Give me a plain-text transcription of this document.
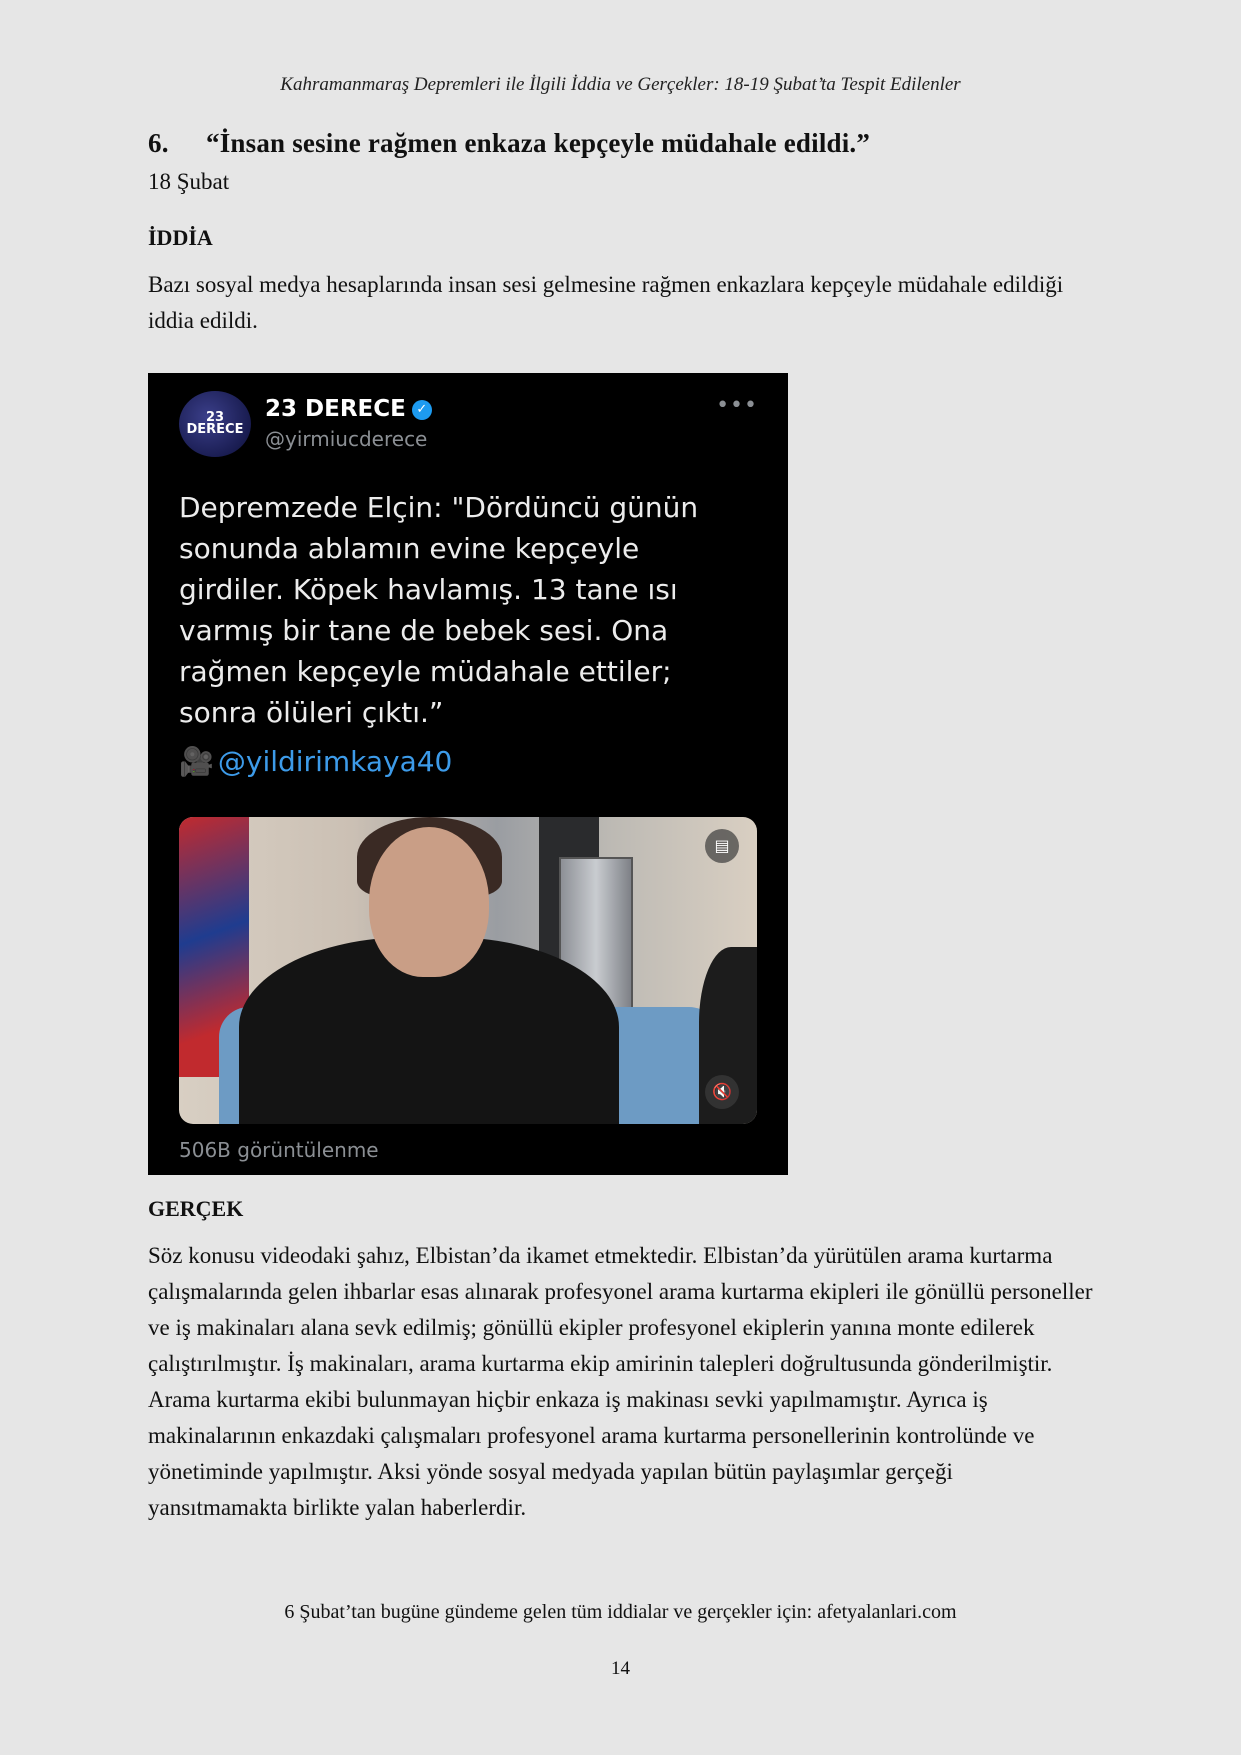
Kahramanmaraş Depremleri ile İlgili İddia ve Gerçekler: 18-19 Şubat’ta Tespit Edilenler
6. “İnsan sesine rağmen enkaza kepçeyle müdahale edildi.”
18 Şubat
İDDİA
Bazı sosyal medya hesaplarında insan sesi gelmesine rağmen enkazlara kepçeyle müdahale edildiği iddia edildi.
23 DERECE
23 DERECE ✓
@yirmiucderece
•••
Depremzede Elçin: "Dördüncü günün
sonunda ablamın evine kepçeyle
girdiler. Köpek havlamış. 13 tane ısı
varmış bir tane de bebek sesi. Ona
rağmen kepçeyle müdahale ettiler;
sonra ölüleri çıktı.”
🎥 @yildirimkaya40
▤
🔇
506B görüntülenme
GERÇEK
Söz konusu videodaki şahız, Elbistan’da ikamet etmektedir. Elbistan’da yürütülen arama kurtarma çalışmalarında gelen ihbarlar esas alınarak profesyonel arama kurtarma ekipleri ile gönüllü personeller ve iş makinaları alana sevk edilmiş; gönüllü ekipler profesyonel ekiplerin yanına monte edilerek çalıştırılmıştır. İş makinaları, arama kurtarma ekip amirinin talepleri doğrultusunda gönderilmiştir. Arama kurtarma ekibi bulunmayan hiçbir enkaza iş makinası sevki yapılmamıştır. Ayrıca iş makinalarının enkazdaki çalışmaları profesyonel arama kurtarma personellerinin kontrolünde ve yönetiminde yapılmıştır. Aksi yönde sosyal medyada yapılan bütün paylaşımlar gerçeği yansıtmamakta birlikte yalan haberlerdir.
6 Şubat’tan bugüne gündeme gelen tüm iddialar ve gerçekler için: afetyalanlari.com
14
